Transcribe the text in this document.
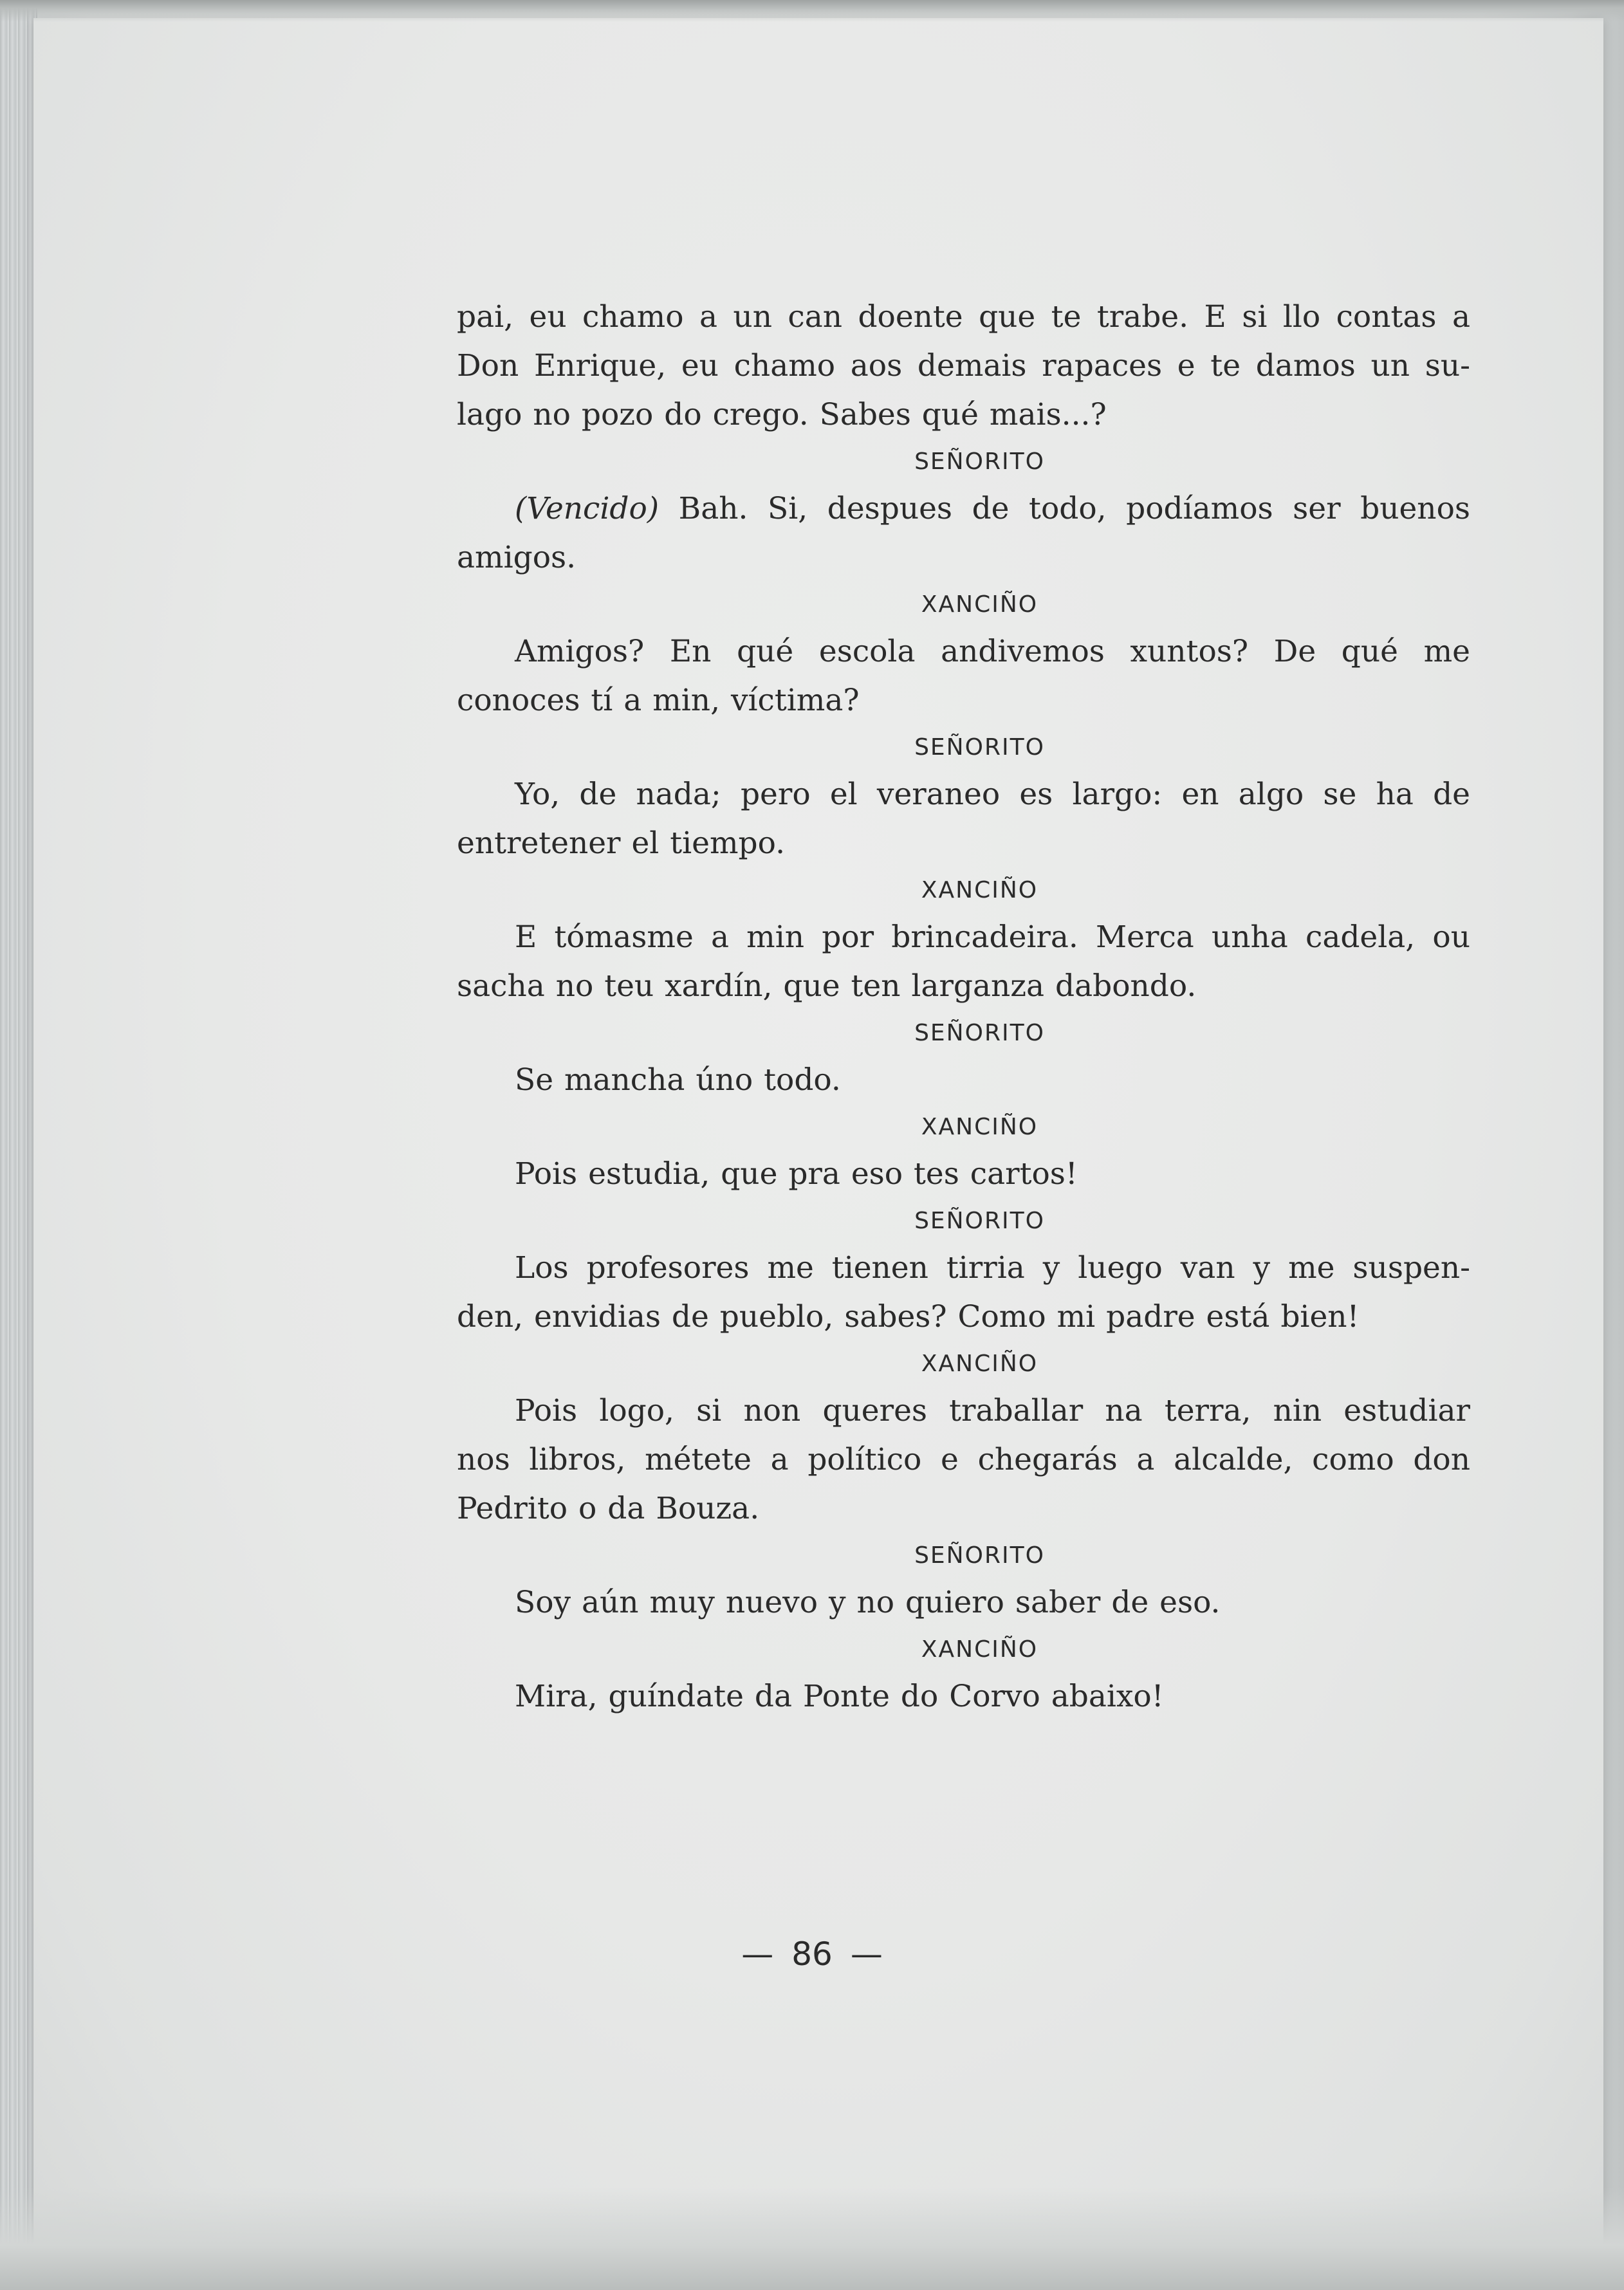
pai, eu chamo a un can doente que te trabe. E si llo contas a
Don Enrique, eu chamo aos demais rapaces e te damos un su-
lago no pozo do crego. Sabes qué mais...?
SEÑORITO
(Vencido) Bah. Si, despues de todo, podíamos ser buenos
amigos.
XANCIÑO
Amigos? En qué escola andivemos xuntos? De qué me
conoces tí a min, víctima?
SEÑORITO
Yo, de nada; pero el veraneo es largo: en algo se ha de
entretener el tiempo.
XANCIÑO
E tómasme a min por brincadeira. Merca unha cadela, ou
sacha no teu xardín, que ten larganza dabondo.
SEÑORITO
Se mancha úno todo.
XANCIÑO
Pois estudia, que pra eso tes cartos!
SEÑORITO
Los profesores me tienen tirria y luego van y me suspen-
den, envidias de pueblo, sabes? Como mi padre está bien!
XANCIÑO
Pois logo, si non queres traballar na terra, nin estudiar
nos libros, métete a político e chegarás a alcalde, como don
Pedrito o da Bouza.
SEÑORITO
Soy aún muy nuevo y no quiero saber de eso.
XANCIÑO
Mira, guíndate da Ponte do Corvo abaixo!
— 86 —
